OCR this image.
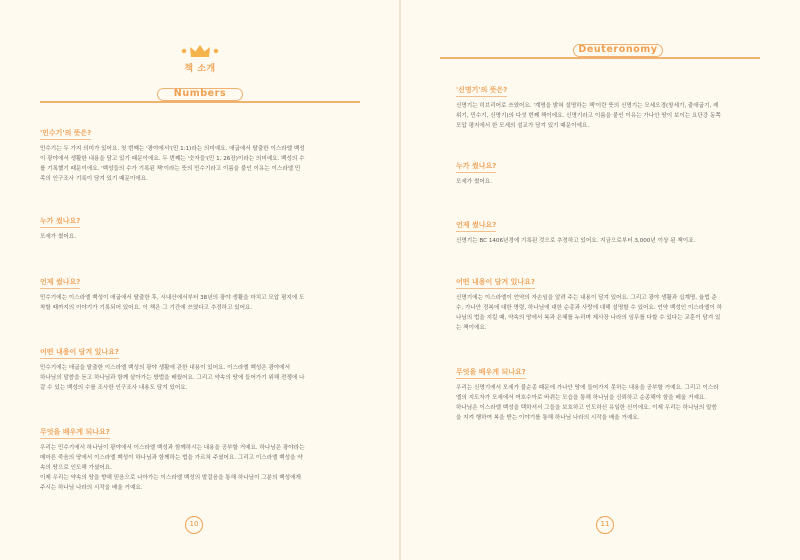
책 소개
Numbers
'민수기'의 뜻은?
민수기는 두 가지 의미가 있어요. 첫 번째는 '광야에서'(민 1:1)라는 의미예요. 애굽에서 탈출한 이스라엘 백성
이 광야에서 생활한 내용을 담고 있기 때문이에요. 두 번째는 '숫자들'(민 1, 26장)이라는 의미예요. 백성의 수
를 기록했기 때문이에요. '백성들의 수가 기록된 책'이라는 뜻의 민수기라고 이름을 붙인 이유는 이스라엘 민
족의 인구조사 기록이 담겨 있기 때문이에요.
누가 썼나요?
모세가 썼어요.
언제 썼나요?
민수기에는 이스라엘 백성이 애굽에서 탈출한 후, 시내산에서부터 38년의 광야 생활을 마치고 모압 평지에 도
착할 때까지의 이야기가 기록되어 있어요. 이 책은 그 기간에 쓰였다고 추정하고 있어요.
어떤 내용이 담겨 있나요?
민수기에는 애굽을 탈출한 이스라엘 백성의 광야 생활에 관한 내용이 있어요. 이스라엘 백성은 광야에서
하나님의 말씀을 듣고 하나님과 함께 살아가는 방법을 배웠어요. 그리고 약속의 땅에 들어가기 위해 전쟁에 나
갈 수 있는 백성의 수를 조사한 인구조사 내용도 담겨 있어요.
무엇을 배우게 되나요?
우리는 민수기에서 하나님이 광야에서 이스라엘 백성과 함께하시는 내용을 공부할 거예요. 하나님은 광야라는
메마른 죽음의 땅에서 이스라엘 백성이 하나님과 함께하는 법을 가르쳐 주셨어요. 그리고 이스라엘 백성을 약
속의 땅으로 인도해 가셨어요.
이제 우리는 약속의 땅을 향해 믿음으로 나아가는 이스라엘 백성의 발걸음을 통해 하나님이 그분의 백성에게
주시는 하나님 나라의 시작을 배울 거예요.
10
Deuteronomy
'신명기'의 뜻은?
신명기는 히브리어로 쓰였어요. '계명을 밝혀 설명하는 책'이란 뜻의 신명기는 모세오경(창세기, 출애굽기, 레
위기, 민수기, 신명기)의 다섯 번째 책이에요. 신명기라고 이름을 붙인 이유는 가나안 땅이 보이는 요단강 동쪽
모압 평지에서 한 모세의 설교가 담겨 있기 때문이에요.
누가 썼나요?
모세가 썼어요.
언제 썼나요?
신명기는 BC 1406년경에 기록된 것으로 추정하고 있어요. 지금으로부터 3,000년 이상 된 책이죠.
어떤 내용이 담겨 있나요?
신명기에는 이스라엘이 언약의 자손임을 알려 주는 내용이 담겨 있어요. 그리고 광야 생활과 십계명, 율법 준
수, 가나안 정복에 대한 명령, 하나님에 대한 순종과 사랑에 대해 설명할 수 있어요. 언약 백성인 이스라엘이 하
나님의 법을 지킬 때, 약속의 땅에서 복과 은혜를 누리며 제사장 나라의 임무를 다할 수 있다는 교훈이 담겨 있
는 책이에요.
무엇을 배우게 되나요?
우리는 신명기에서 모세가 불순종 때문에 가나안 땅에 들어가지 못하는 내용을 공부할 거예요. 그리고 이스라
엘의 지도자가 모세에서 여호수아로 바뀌는 모습을 통해 하나님을 신뢰하고 순종해야 함을 배울 거예요.
하나님은 이스라엘 백성을 택하셔서 그들을 보호하고 인도하신 유일한 신이에요. 이제 우리는 하나님의 말씀
을 지켜 행하여 복을 받는 이야기를 통해 하나님 나라의 시작을 배울 거예요.
11
